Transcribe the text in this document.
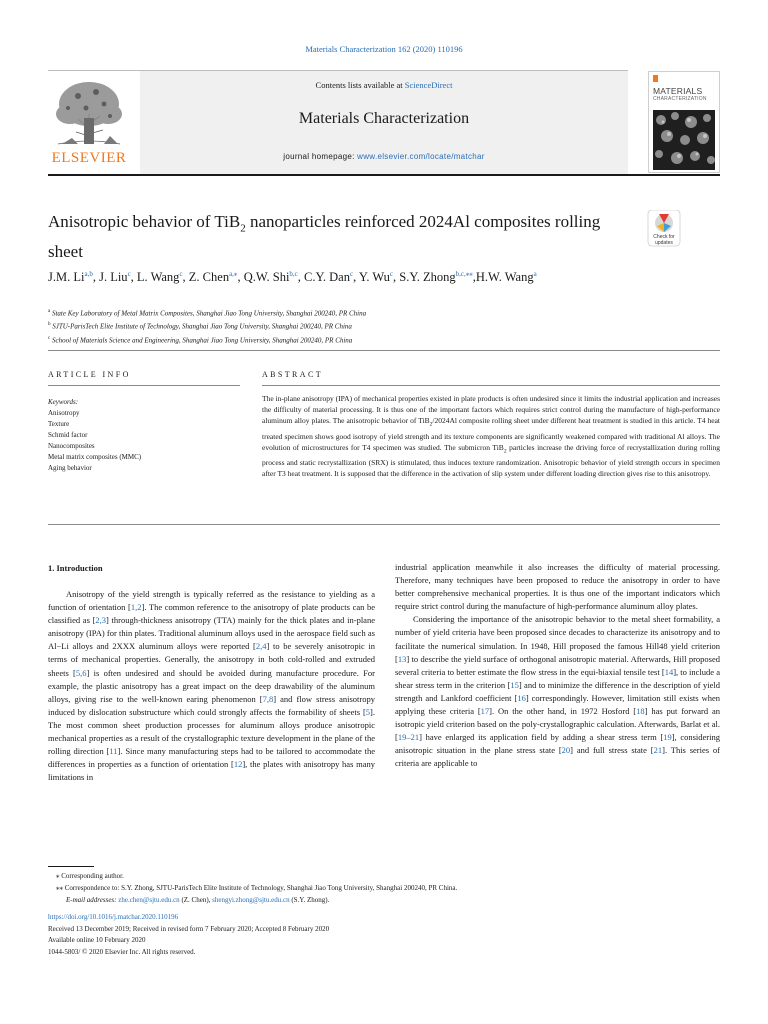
Materials Characterization 162 (2020) 110196
ELSEVIER
Contents lists available at ScienceDirect
Materials Characterization
journal homepage: www.elsevier.com/locate/matchar
MATERIALS
CHARACTERIZATION
Anisotropic behavior of TiB$_2$ nanoparticles reinforced 2024Al composites rolling sheet
Check for
updates
J.M. Li$^{a,b}$, J. Liu$^c$, L. Wang$^c$, Z. Chen$^{a,⁎}$, Q.W. Shi$^{b,c}$, C.Y. Dan$^c$, Y. Wu$^c$, S.Y. Zhong$^{b,c,⁎⁎}$,H.W. Wang$^a$
$^a$ State Key Laboratory of Metal Matrix Composites, Shanghai Jiao Tong University, Shanghai 200240, PR China
$^b$ SJTU-ParisTech Elite Institute of Technology, Shanghai Jiao Tong University, Shanghai 200240, PR China
$^c$ School of Materials Science and Engineering, Shanghai Jiao Tong University, Shanghai 200240, PR China
ARTICLE INFO	ABSTRACT
Keywords:
Anisotropy
Texture
Schmid factor
Nanocomposites
Metal matrix composites (MMC)
Aging behavior
The in-plane anisotropy (IPA) of mechanical properties existed in plate products is often undesired since it limits the industrial application and increases the difficulty of material processing. It is thus one of the important factors which requires strict control during the manufacture of high-performance aluminum alloy plates. The anisotropic behavior of TiB$_2$/2024Al composite rolling sheet under different heat treatment is studied in this article. T4 heat treated specimen shows good isotropy of yield strength and its texture components are significantly weakened compared with traditional Al alloys. The evolution of microstructures for T4 specimen was studied. The submicron TiB$_2$ particles increase the driving force of recrystallization during rolling process and static recrystallization (SRX) is stimulated, thus induces texture randomization. Anisotropic behavior of yield strength occurs in specimen after T3 heat treatment. It is supposed that the difference in the activation of slip system under different loading direction gives rise to this anisotropy.
1. Introduction
Anisotropy of the yield strength is typically referred as the resistance to yielding as a function of orientation [1,2]. The common reference to the anisotropy of plate products can be classified as [2,3] through-thickness anisotropy (TTA) mainly for the thick plates and in-plane anisotropy (IPA) for thin plates. Traditional aluminum alloys used in the aerospace field such as Al−Li alloys and 2XXX aluminum alloys were reported [2,4] to be severely anisotropic in terms of mechanical properties. Generally, the anisotropy in both cold-rolled and extruded sheets [5,6] is often undesired and should be avoided during manufacture procedure. For example, the plastic anisotropy has a great impact on the deep drawability of the aluminum alloys, giving rise to the well-known earing phenomenon [7,8] and flow stress anisotropy induced by dislocation substructure which could strongly affects the formability of sheets [5]. The most common sheet production processes for aluminum alloys produce anisotropic mechanical properties as a result of the crystallographic texture development in the plane of the rolling direction [11]. Since many manufacturing steps had to be tailored to accommodate the differences in properties as a function of orientation [12], the plates with anisotropy has many limitations in

industrial application meanwhile it also increases the difficulty of material processing. Therefore, many techniques have been proposed to reduce the anisotropy in order to have better comprehensive mechanical properties. It is thus one of the important indicators which require strict control during the manufacture of high-performance aluminum alloy plates.

Considering the importance of the anisotropic behavior to the metal sheet formability, a number of yield criteria have been proposed since decades to characterize its anisotropy and to facilitate the numerical simulation. In 1948, Hill proposed the famous Hill48 yield criterion [13] to describe the yield surface of orthogonal anisotropic material. Afterwards, Hill proposed several criteria to better estimate the flow stress in the equi-biaxial tensile test [14], to include a shear stress term in the criterion [15] and to minimize the difference in the description of yield strength and Lankford coefficient [16] correspondingly. However, limitation still exists when applying these criteria [17]. On the other hand, in 1972 Hosford [18] has put forward an isotropic yield criterion based on the poly-crystallographic calculation. Afterwards, Barlat et al. [19–21] have enlarged its application field by adding a shear stress term [19], considering anisotropic situation in the plane stress state [20] and full stress state [21]. This series of criteria are applicable to

⁎ Corresponding author.
⁎⁎ Correspondence to: S.Y. Zhong, SJTU-ParisTech Elite Institute of Technology, Shanghai Jiao Tong University, Shanghai 200240, PR China.
E-mail addresses: zhe.chen@sjtu.edu.cn (Z. Chen), shengyi.zhong@sjtu.edu.cn (S.Y. Zhong).
https://doi.org/10.1016/j.matchar.2020.110196
Received 13 December 2019; Received in revised form 7 February 2020; Accepted 8 February 2020
Available online 10 February 2020
1044-5803/ © 2020 Elsevier Inc. All rights reserved.
